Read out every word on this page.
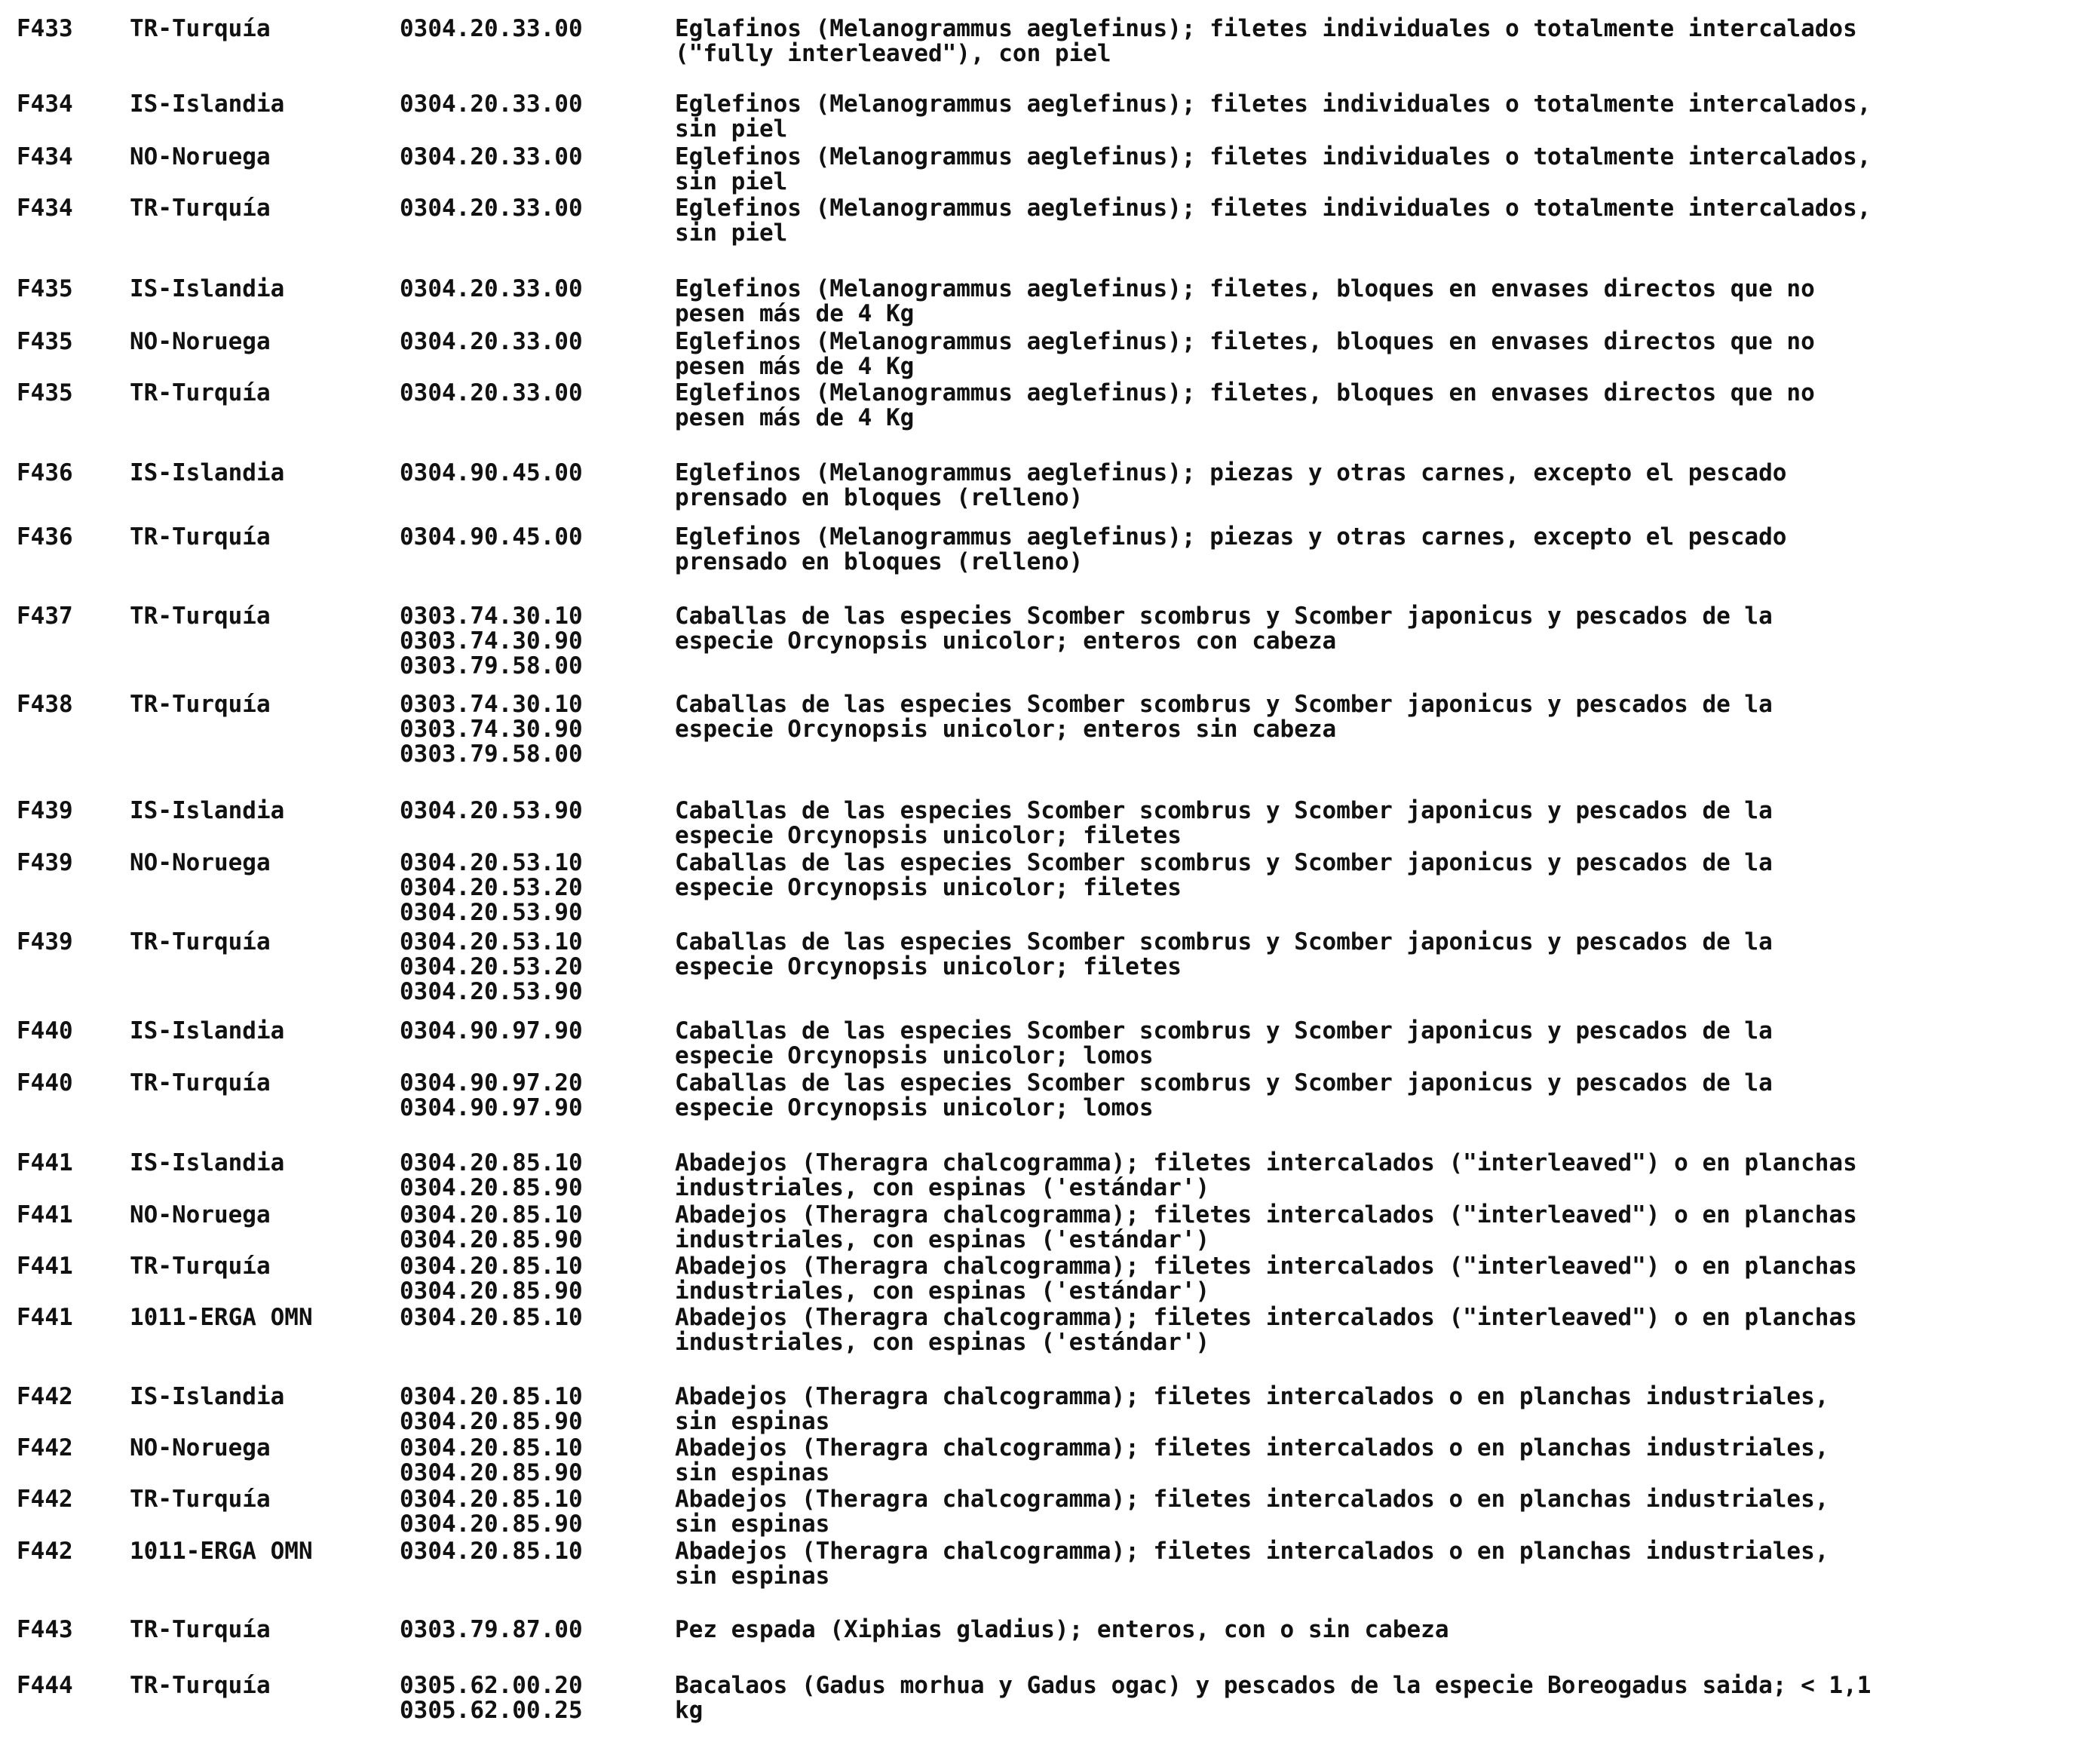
F433	TR-Turquía	0304.20.33.00	Eglafinos (Melanogrammus aeglefinus); filetes individuales o totalmente intercalados
("fully interleaved"), con piel
F434	IS-Islandia	0304.20.33.00	Eglefinos (Melanogrammus aeglefinus); filetes individuales o totalmente intercalados,
sin piel
F434	NO-Noruega	0304.20.33.00	Eglefinos (Melanogrammus aeglefinus); filetes individuales o totalmente intercalados,
sin piel
F434	TR-Turquía	0304.20.33.00	Eglefinos (Melanogrammus aeglefinus); filetes individuales o totalmente intercalados,
sin piel
F435	IS-Islandia	0304.20.33.00	Eglefinos (Melanogrammus aeglefinus); filetes, bloques en envases directos que no
pesen más de 4 Kg
F435	NO-Noruega	0304.20.33.00	Eglefinos (Melanogrammus aeglefinus); filetes, bloques en envases directos que no
pesen más de 4 Kg
F435	TR-Turquía	0304.20.33.00	Eglefinos (Melanogrammus aeglefinus); filetes, bloques en envases directos que no
pesen más de 4 Kg
F436	IS-Islandia	0304.90.45.00	Eglefinos (Melanogrammus aeglefinus); piezas y otras carnes, excepto el pescado
prensado en bloques (relleno)
F436	TR-Turquía	0304.90.45.00	Eglefinos (Melanogrammus aeglefinus); piezas y otras carnes, excepto el pescado
prensado en bloques (relleno)
F437	TR-Turquía	0303.74.30.10
0303.74.30.90
0303.79.58.00
Caballas de las especies Scomber scombrus y Scomber japonicus y pescados de la
especie Orcynopsis unicolor; enteros con cabeza
F438	TR-Turquía	0303.74.30.10
0303.74.30.90
0303.79.58.00
Caballas de las especies Scomber scombrus y Scomber japonicus y pescados de la
especie Orcynopsis unicolor; enteros sin cabeza
F439	IS-Islandia	0304.20.53.90	Caballas de las especies Scomber scombrus y Scomber japonicus y pescados de la
especie Orcynopsis unicolor; filetes
F439	NO-Noruega	0304.20.53.10
0304.20.53.20
0304.20.53.90
Caballas de las especies Scomber scombrus y Scomber japonicus y pescados de la
especie Orcynopsis unicolor; filetes
F439	TR-Turquía	0304.20.53.10
0304.20.53.20
0304.20.53.90
Caballas de las especies Scomber scombrus y Scomber japonicus y pescados de la
especie Orcynopsis unicolor; filetes
F440	IS-Islandia	0304.90.97.90	Caballas de las especies Scomber scombrus y Scomber japonicus y pescados de la
especie Orcynopsis unicolor; lomos
F440	TR-Turquía	0304.90.97.20
0304.90.97.90
Caballas de las especies Scomber scombrus y Scomber japonicus y pescados de la
especie Orcynopsis unicolor; lomos
F441	IS-Islandia	0304.20.85.10
0304.20.85.90
Abadejos (Theragra chalcogramma); filetes intercalados ("interleaved") o en planchas
industriales, con espinas ('estándar')
F441	NO-Noruega	0304.20.85.10
0304.20.85.90
Abadejos (Theragra chalcogramma); filetes intercalados ("interleaved") o en planchas
industriales, con espinas ('estándar')
F441	TR-Turquía	0304.20.85.10
0304.20.85.90
Abadejos (Theragra chalcogramma); filetes intercalados ("interleaved") o en planchas
industriales, con espinas ('estándar')
F441	1011-ERGA OMN	0304.20.85.10	Abadejos (Theragra chalcogramma); filetes intercalados ("interleaved") o en planchas
industriales, con espinas ('estándar')
F442	IS-Islandia	0304.20.85.10
0304.20.85.90
Abadejos (Theragra chalcogramma); filetes intercalados o en planchas industriales,
sin espinas
F442	NO-Noruega	0304.20.85.10
0304.20.85.90
Abadejos (Theragra chalcogramma); filetes intercalados o en planchas industriales,
sin espinas
F442	TR-Turquía	0304.20.85.10
0304.20.85.90
Abadejos (Theragra chalcogramma); filetes intercalados o en planchas industriales,
sin espinas
F442	1011-ERGA OMN	0304.20.85.10	Abadejos (Theragra chalcogramma); filetes intercalados o en planchas industriales,
sin espinas
F443	TR-Turquía	0303.79.87.00	Pez espada (Xiphias gladius); enteros, con o sin cabeza
F444	TR-Turquía	0305.62.00.20
0305.62.00.25
Bacalaos (Gadus morhua y Gadus ogac) y pescados de la especie Boreogadus saida; < 1,1
kg
